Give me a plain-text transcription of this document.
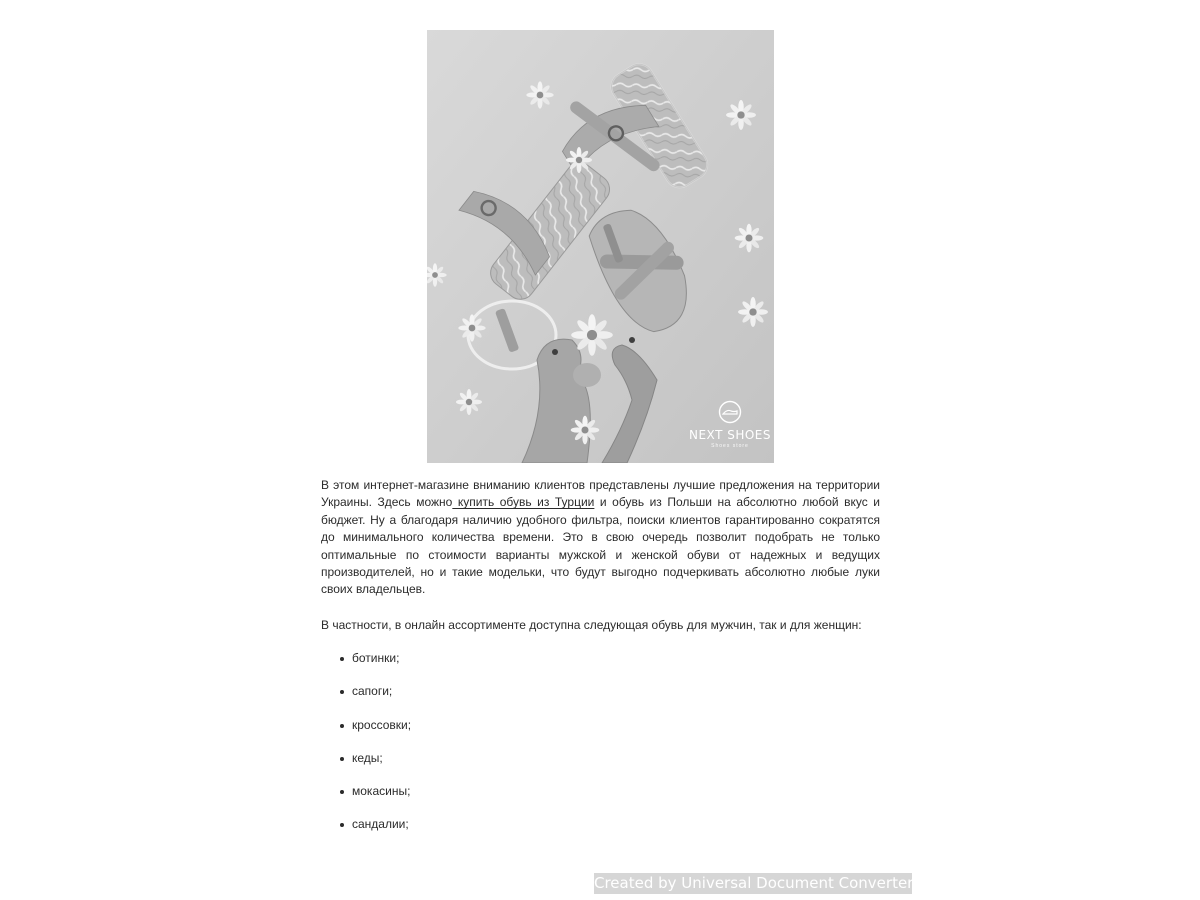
NEXT SHOES
Shoes store

В этом интернет-магазине вниманию клиентов представлены лучшие предложения на территории Украины. Здесь можно купить обувь из Турции и обувь из Польши на абсолютно любой вкус и бюджет. Ну а благодаря наличию удобного фильтра, поиски клиентов гарантированно сократятся до минимального количества времени. Это в свою очередь позволит подобрать не только оптимальные по стоимости варианты мужской и женской обуви от надежных и ведущих производителей, но и такие модельки, что будут выгодно подчеркивать абсолютно любые луки своих владельцев.

В частности, в онлайн ассортименте доступна следующая обувь для мужчин, так и для женщин:

ботинки;
сапоги;
кроссовки;
кеды;
мокасины;
сандалии;
Created by Universal Document Converter
